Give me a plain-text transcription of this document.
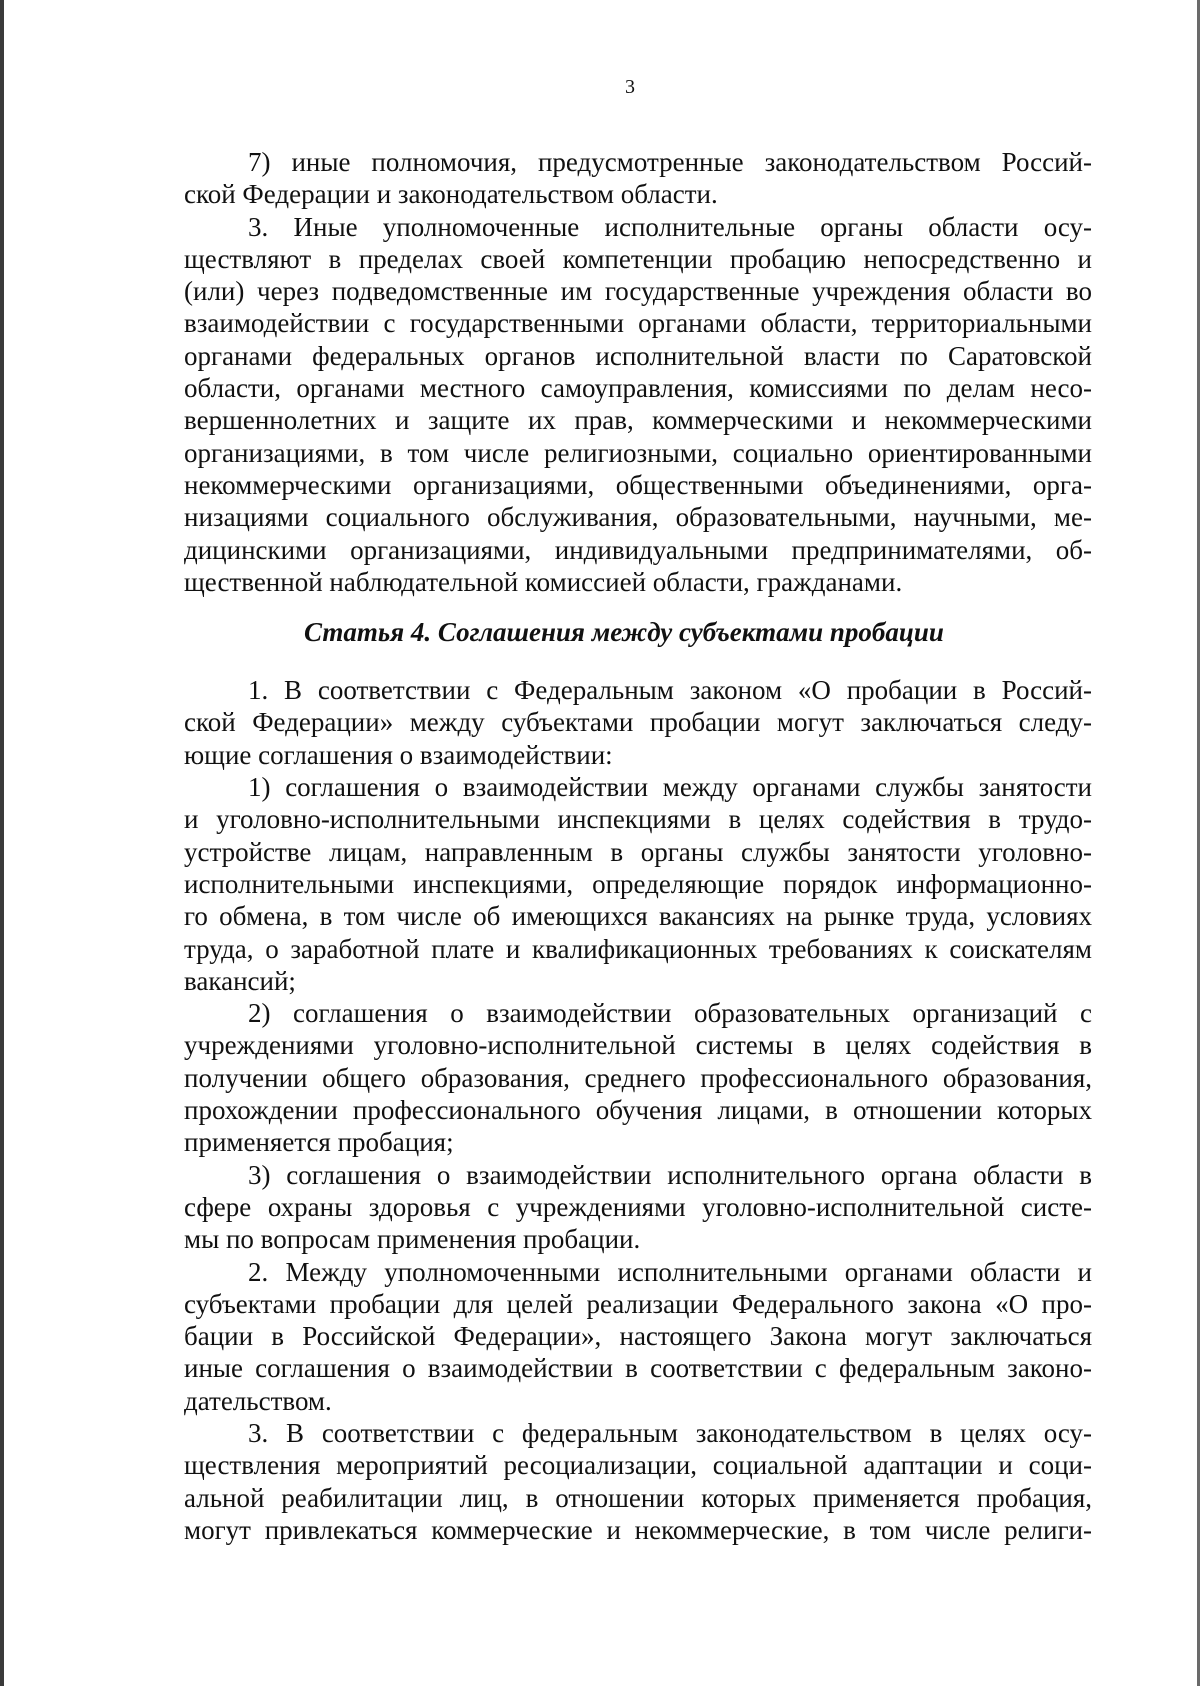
3
7) иные полномочия, предусмотренные законодательством Россий-
ской Федерации и законодательством области.
3. Иные уполномоченные исполнительные органы области осу-
ществляют в пределах своей компетенции пробацию непосредственно и
(или) через подведомственные им государственные учреждения области во
взаимодействии с государственными органами области, территориальными
органами федеральных органов исполнительной власти по Саратовской
области, органами местного самоуправления, комиссиями по делам несо-
вершеннолетних и защите их прав, коммерческими и некоммерческими
организациями, в том числе религиозными, социально ориентированными
некоммерческими организациями, общественными объединениями, орга-
низациями социального обслуживания, образовательными, научными, ме-
дицинскими организациями, индивидуальными предпринимателями, об-
щественной наблюдательной комиссией области, гражданами.
Статья 4. Соглашения между субъектами пробации
1. В соответствии с Федеральным законом «О пробации в Россий-
ской Федерации» между субъектами пробации могут заключаться следу-
ющие соглашения о взаимодействии:
1) соглашения о взаимодействии между органами службы занятости
и уголовно-исполнительными инспекциями в целях содействия в трудо-
устройстве лицам, направленным в органы службы занятости уголовно-
исполнительными инспекциями, определяющие порядок информационно-
го обмена, в том числе об имеющихся вакансиях на рынке труда, условиях
труда, о заработной плате и квалификационных требованиях к соискателям
вакансий;
2) соглашения о взаимодействии образовательных организаций с
учреждениями уголовно-исполнительной системы в целях содействия в
получении общего образования, среднего профессионального образования,
прохождении профессионального обучения лицами, в отношении которых
применяется пробация;
3) соглашения о взаимодействии исполнительного органа области в
сфере охраны здоровья с учреждениями уголовно-исполнительной систе-
мы по вопросам применения пробации.
2. Между уполномоченными исполнительными органами области и
субъектами пробации для целей реализации Федерального закона «О про-
бации в Российской Федерации», настоящего Закона могут заключаться
иные соглашения о взаимодействии в соответствии с федеральным законо-
дательством.
3. В соответствии с федеральным законодательством в целях осу-
ществления мероприятий ресоциализации, социальной адаптации и соци-
альной реабилитации лиц, в отношении которых применяется пробация,
могут привлекаться коммерческие и некоммерческие, в том числе религи-
